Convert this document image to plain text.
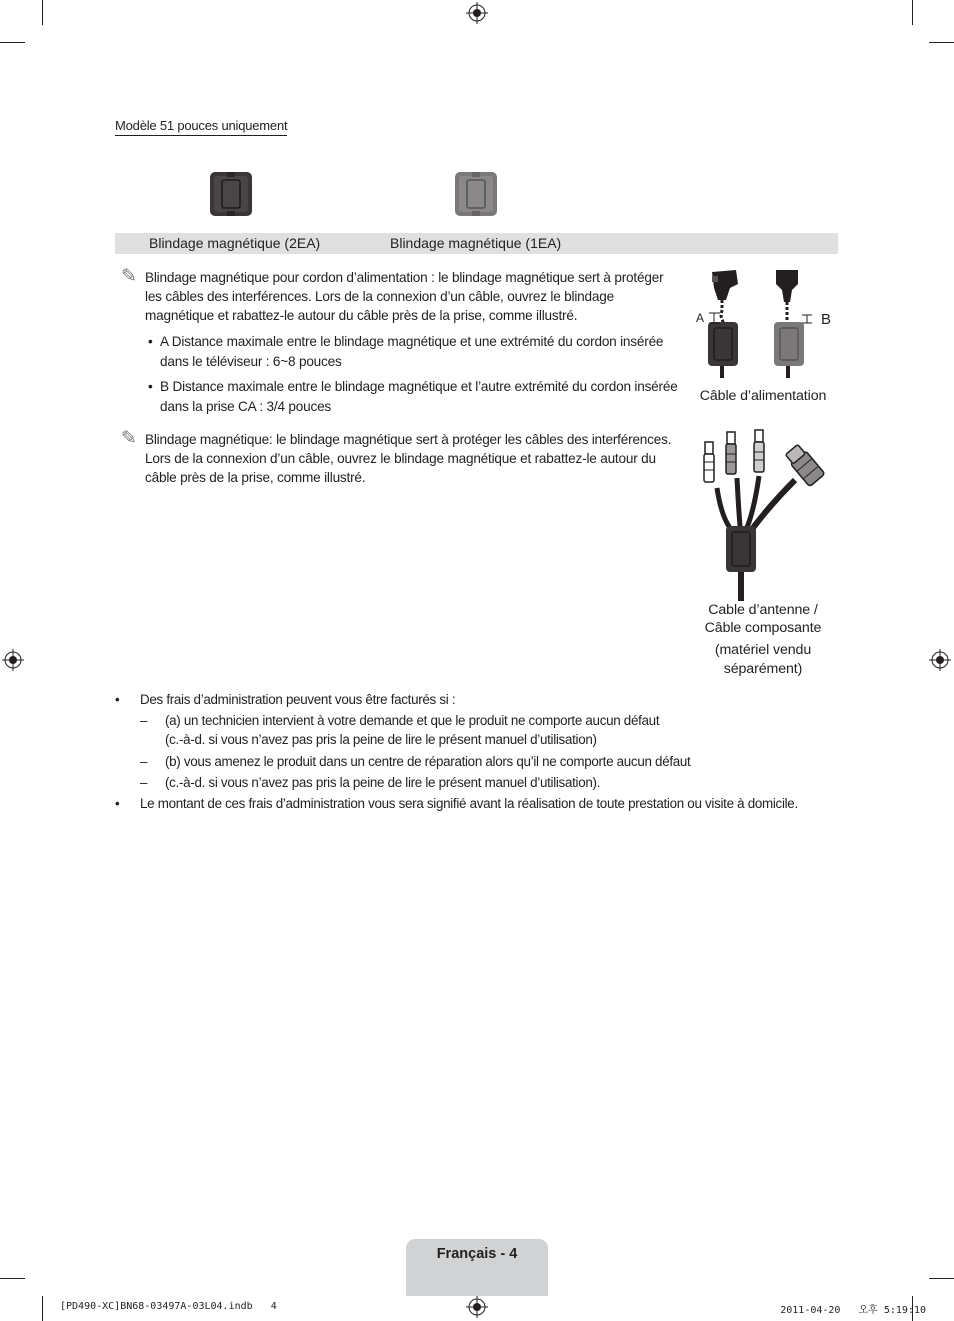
Modèle 51 pouces uniquement
Blindage magnétique (2EA)	Blindage magnétique (1EA)
✎ Blindage magnétique pour cordon d’alimentation : le blindage magnétique sert à protéger les câbles des interférences. Lors de la connexion d’un câble, ouvrez le blindage magnétique et rabattez-le autour du câble près de la prise, comme illustré.
• A Distance maximale entre le blindage magnétique et une extrémité du cordon insérée dans le téléviseur : 6~8 pouces
• B Distance maximale entre le blindage magnétique et l’autre extrémité du cordon insérée dans la prise CA : 3/4 pouces
✎ Blindage magnétique: le blindage magnétique sert à protéger les câbles des interférences. Lors de la connexion d’un câble, ouvrez le blindage magnétique et rabattez-le autour du câble près de la prise, comme illustré.
A	B
Câble d’alimentation
Cable d’antenne /
Câble composante
(matériel vendu
séparément)
• Des frais d’administration peuvent vous être facturés si :
– (a) un technicien intervient à votre demande et que le produit ne comporte aucun défaut
(c.-à-d. si vous n’avez pas pris la peine de lire le présent manuel d’utilisation)
– (b) vous amenez le produit dans un centre de réparation alors qu’il ne comporte aucun défaut
– (c.-à-d. si vous n’avez pas pris la peine de lire le présent manuel d’utilisation).
• Le montant de ces frais d’administration vous sera signifié avant la réalisation de toute prestation ou visite à domicile.
Français - 4
[PD490-XC]BN68-03497A-03L04.indb   4	2011-04-20   오후 5:19:10
